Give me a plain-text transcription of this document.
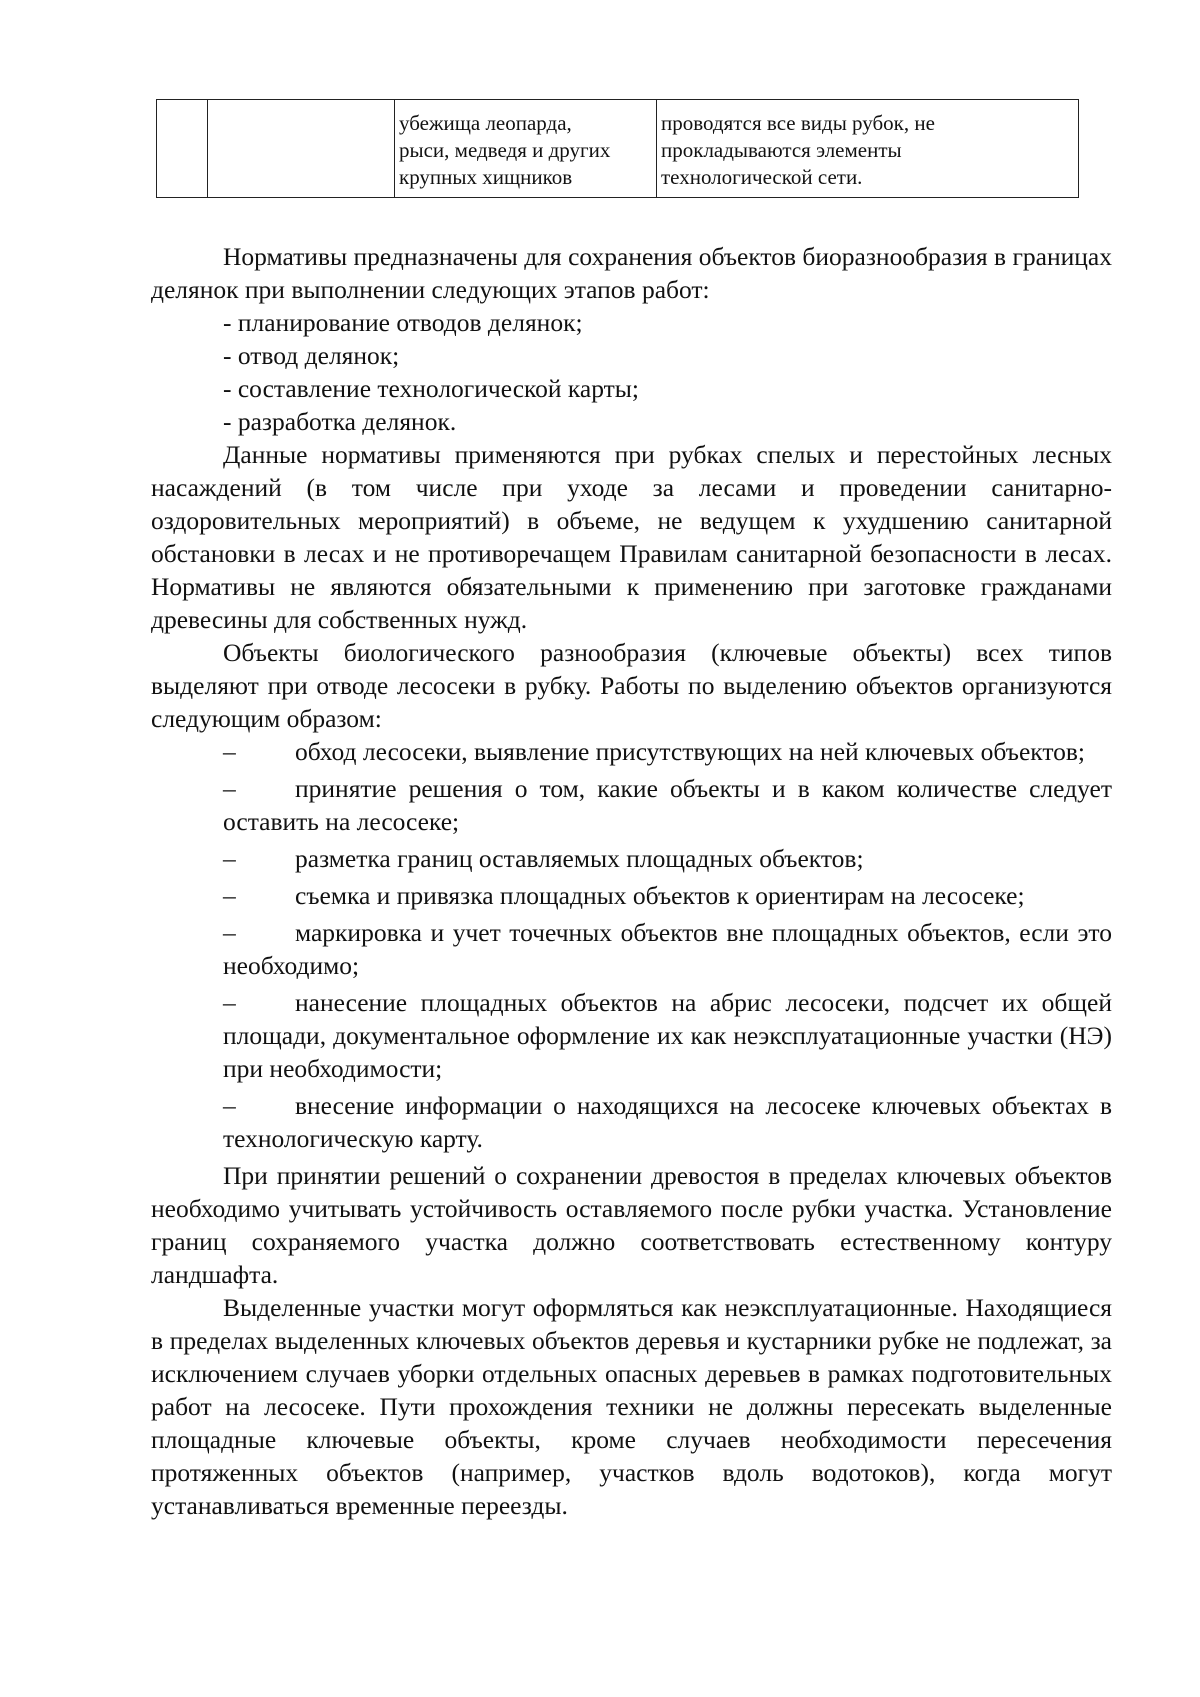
		убежища леопарда,
рыси, медведя и других
крупных хищников	проводятся все виды рубок, не
прокладываются элементы
технологической сети.

Нормативы предназначены для сохранения объектов биоразнообразия в границах делянок при выполнении следующих этапов работ:

- планирование отводов делянок;
- отвод делянок;
- составление технологической карты;
- разработка делянок.

Данные нормативы применяются при рубках спелых и перестойных лесных насаждений (в том числе при уходе за лесами и проведении санитарно-оздоровительных мероприятий) в объеме, не ведущем к ухудшению санитарной обстановки в лесах и не противоречащем Правилам санитарной безопасности в лесах. Нормативы не являются обязательными к применению при заготовке гражданами древесины для собственных нужд.

Объекты биологического разнообразия (ключевые объекты) всех типов выделяют при отводе лесосеки в рубку. Работы по выделению объектов организуются следующим образом:

–	обход лесосеки, выявление присутствующих на ней ключевых объектов;
–	принятие решения о том, какие объекты и в каком количестве следует оставить на лесосеке;
–	разметка границ оставляемых площадных объектов;
–	съемка и привязка площадных объектов к ориентирам на лесосеке;
–	маркировка и учет точечных объектов вне площадных объектов, если это необходимо;
–	нанесение площадных объектов на абрис лесосеки, подсчет их общей площади, документальное оформление их как неэксплуатационные участки (НЭ) при необходимости;
–	внесение информации о находящихся на лесосеке ключевых объектах в технологическую карту.

При принятии решений о сохранении древостоя в пределах ключевых объектов необходимо учитывать устойчивость оставляемого после рубки участка. Установление границ сохраняемого участка должно соответствовать естественному контуру ландшафта.

Выделенные участки могут оформляться как неэксплуатационные. Находящиеся в пределах выделенных ключевых объектов деревья и кустарники рубке не подлежат, за исключением случаев уборки отдельных опасных деревьев в рамках подготовительных работ на лесосеке. Пути прохождения техники не должны пересекать выделенные площадные ключевые объекты, кроме случаев необходимости пересечения протяженных объектов (например, участков вдоль водотоков), когда могут устанавливаться временные переезды.
